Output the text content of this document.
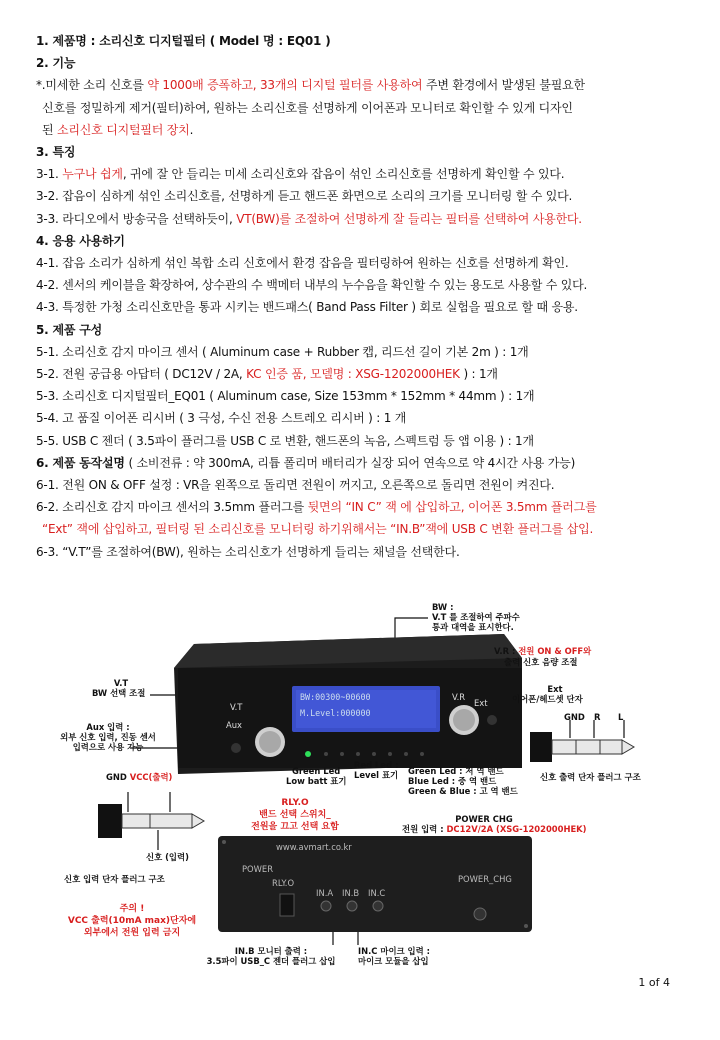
1. 제품명 : 소리신호 디지털필터 ( Model 명 : EQ01 )
2. 기능
*.미세한 소리 신호를 약 1000배 증폭하고, 33개의 디지털 필터를 사용하여 주변 환경에서 발생된 불필요한
신호를 정밀하게 제거(필터)하여, 원하는 소리신호를 선명하게 이어폰과 모니터로 확인할 수 있게 디자인
된 소리신호 디지털필터 장치.
3. 특징
3-1. 누구나 쉽게, 귀에 잘 안 들리는 미세 소리신호와 잡음이 섞인 소리신호를 선명하게 확인할 수 있다.
3-2. 잡음이 심하게 섞인 소리신호를, 선명하게 듣고 핸드폰 화면으로 소리의 크기를 모니터링 할 수 있다.
3-3. 라디오에서 방송국을 선택하듯이, VT(BW)를 조절하여 선명하게 잘 들리는 필터를 선택하여 사용한다.
4. 응용 사용하기
4-1. 잡음 소리가 심하게 섞인 복합 소리 신호에서 환경 잡음을 필터링하여 원하는 신호를 선명하게 확인.
4-2. 센서의 케이블을 확장하여, 상수관의 수 백메터 내부의 누수음을 확인할 수 있는 용도로 사용할 수 있다.
4-3. 특정한 가청 소리신호만을 통과 시키는 밴드패스( Band Pass Filter ) 회로 실험을 필요로 할 때 응용.
5. 제품 구성
5-1. 소리신호 감지 마이크 센서 ( Aluminum case + Rubber 캡, 리드선 길이 기본 2m ) : 1개
5-2. 전원 공급용 아답터 ( DC12V / 2A, KC 인증 품, 모델명 : XSG-1202000HEK ) : 1개
5-3. 소리신호 디지털필터_EQ01 ( Aluminum case, Size 153mm * 152mm * 44mm ) : 1개
5-4. 고 품질 이어폰 리시버 ( 3 극성, 수신 전용 스트레오 리시버 ) : 1 개
5-5. USB C 젠더 ( 3.5파이 플러그를 USB C 로 변환, 핸드폰의 녹음, 스펙트럼 등 앱 이용 ) : 1개
6. 제품 동작설명 ( 소비전류 : 약 300mA, 리튬 폴리머 배터리가 실장 되어 연속으로 약 4시간 사용 가능)
6-1. 전원 ON & OFF 설정 : VR을 왼쪽으로 돌리면 전원이 꺼지고, 오른쪽으로 돌리면 전원이 켜진다.
6-2. 소리신호 감지 마이크 센서의 3.5mm 플러그를 뒷면의 “IN C” 잭 에 삽입하고, 이어폰 3.5mm 플러그를
“Ext” 잭에 삽입하고, 필터링 된 소리신호를 모니터링 하기위해서는 “IN.B”잭에 USB C 변환 플러그를 삽입.
6-3. “V.T”를 조절하여(BW), 원하는 소리신호가 선명하게 들리는 채널을 선택한다.
V.T
Aux
V.R
Ext
BW:00300~00600
M.Level:000000
www.avmart.co.kr
POWER
RLY.O
IN.A IN.B IN.C
POWER_CHG
BW :
V.T 를 조절하여 주파수
통과 대역을 표시한다.
V.R : 전원 ON & OFF와
출력 신호 음량 조절
V.T
BW 선택 조절	Ext
이어폰/헤드셋 단자
Aux 입력 :
외부 신호 입력, 진동 센서
입력으로 사용 가능
GND R L
신호 출력 단자 플러그 구조
Green Led
Low batt 표기
Red Led :
Level 표기 Green Led : 저 역 밴드
Blue Led : 중 역 밴드
Green & Blue : 고 역 밴드
GND VCC(출력)
신호 (입력)
신호 입력 단자 플러그 구조
RLY.O
밴드 선택 스위치_
전원을 끄고 선택 요함
POWER CHG
전원 입력 : DC12V/2A (XSG-1202000HEK)
주의 !
VCC 출력(10mA max)단자에
외부에서 전원 입력 금지
IN.B 모니터 출력 :
3.5파이 USB_C 젠더 플러그 삽입
IN.C 마이크 입력 :
마이크 모듈을 삽입
1 of 4
